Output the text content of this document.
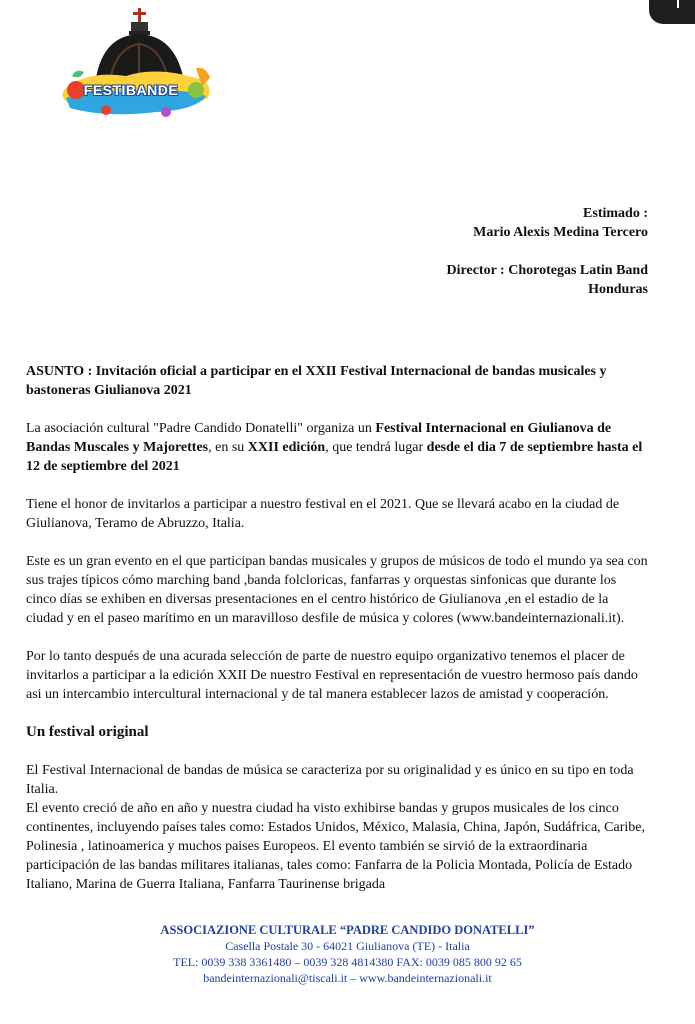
FESTIBANDE
Estimado :
Mario Alexis Medina Tercero
Director : Chorotegas Latin Band
Honduras

ASUNTO : Invitación oficial a participar en el XXII Festival Internacional de bandas musicales y bastoneras Giulianova 2021

La asociación cultural "Padre Candido Donatelli" organiza un Festival Internacional en Giulianova de Bandas Muscales y Majorettes, en su XXII edición, que tendrá lugar desde el dia 7 de septiembre hasta el 12 de septiembre del 2021

Tiene el honor de invitarlos a participar a nuestro festival en el 2021. Que se llevará acabo en la ciudad de Giulianova, Teramo de Abruzzo, Italia.

Este es un gran evento en el que participan bandas musicales y grupos de músicos de todo el mundo ya sea con sus trajes típicos cómo marching band ,banda folcloricas, fanfarras y orquestas sinfonicas que durante los cinco días se exhiben en diversas presentaciones en el centro histórico de Giulianova ,en el estadio de la ciudad y en el paseo marítimo en un maravilloso desfile de música y colores (www.bandeinternazionali.it).

Por lo tanto después de una acurada selección de parte de nuestro equipo organizativo tenemos el placer de invitarlos a participar a la edición XXII De nuestro Festival en representación de vuestro hermoso país dando asi un intercambio intercultural internacional y de tal manera establecer lazos de amistad y cooperación.

Un festival original

El Festival Internacional de bandas de música se caracteriza por su originalidad y es único en su tipo en toda Italia.

El evento creció de año en año y nuestra ciudad ha visto exhibirse bandas y grupos musicales de los cinco continentes, incluyendo países tales como: Estados Unidos, México, Malasia, China, Japón, Sudáfrica, Caribe, Polinesia , latinoamerica y muchos paises Europeos. El evento también se sirvió de la extraordinaria participación de las bandas militares italianas, tales como: Fanfarra de la Policìa Montada, Policía de Estado Italiano, Marina de Guerra Italiana, Fanfarra Taurinense brigada

ASSOCIAZIONE CULTURALE “PADRE CANDIDO DONATELLI”
Casella Postale 30 - 64021 Giulianova (TE) - Italia
TEL: 0039 338 3361480 – 0039 328 4814380 FAX: 0039 085 800 92 65
bandeinternazionali@tiscali.it – www.bandeinternazionali.it
